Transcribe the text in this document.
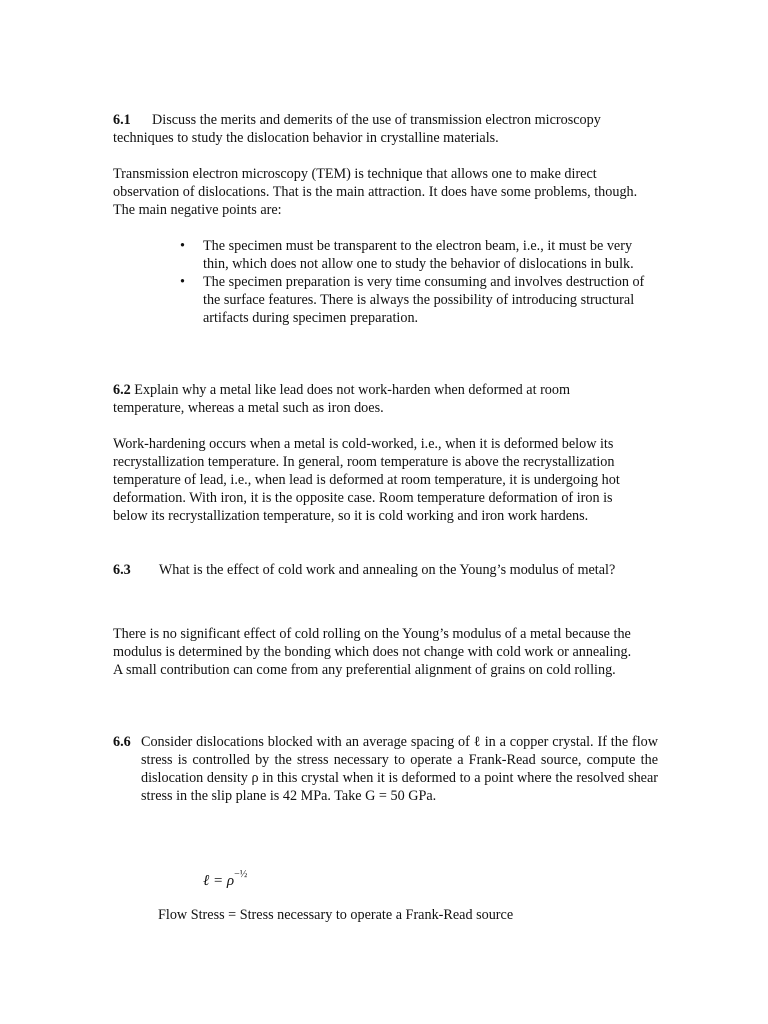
6.1 Discuss the merits and demerits of the use of transmission electron microscopy techniques to study the dislocation behavior in crystalline materials.

Transmission electron microscopy (TEM) is technique that allows one to make direct observation of dislocations. That is the main attraction. It does have some problems, though. The main negative points are:

• The specimen must be transparent to the electron beam, i.e., it must be very thin, which does not allow one to study the behavior of dislocations in bulk.
• The specimen preparation is very time consuming and involves destruction of the surface features. There is always the possibility of introducing structural artifacts during specimen preparation.

6.2 Explain why a metal like lead does not work-harden when deformed at room temperature, whereas a metal such as iron does.

Work-hardening occurs when a metal is cold-worked, i.e., when it is deformed below its recrystallization temperature. In general, room temperature is above the recrystallization temperature of lead, i.e., when lead is deformed at room temperature, it is undergoing hot deformation. With iron, it is the opposite case. Room temperature deformation of iron is below its recrystallization temperature, so it is cold working and iron work hardens.

6.3 What is the effect of cold work and annealing on the Young’s modulus of metal?

There is no significant effect of cold rolling on the Young’s modulus of a metal because the modulus is determined by the bonding which does not change with cold work or annealing. A small contribution can come from any preferential alignment of grains on cold rolling.

6.6 Consider dislocations blocked with an average spacing of ℓ in a copper crystal. If the flow stress is controlled by the stress necessary to operate a Frank-Read source, compute the dislocation density ρ in this crystal when it is deformed to a point where the resolved shear stress in the slip plane is 42 MPa. Take G = 50 GPa.
ℓ = $\rho^{-\frac{1}{2}}$

Flow Stress = Stress necessary to operate a Frank-Read source
